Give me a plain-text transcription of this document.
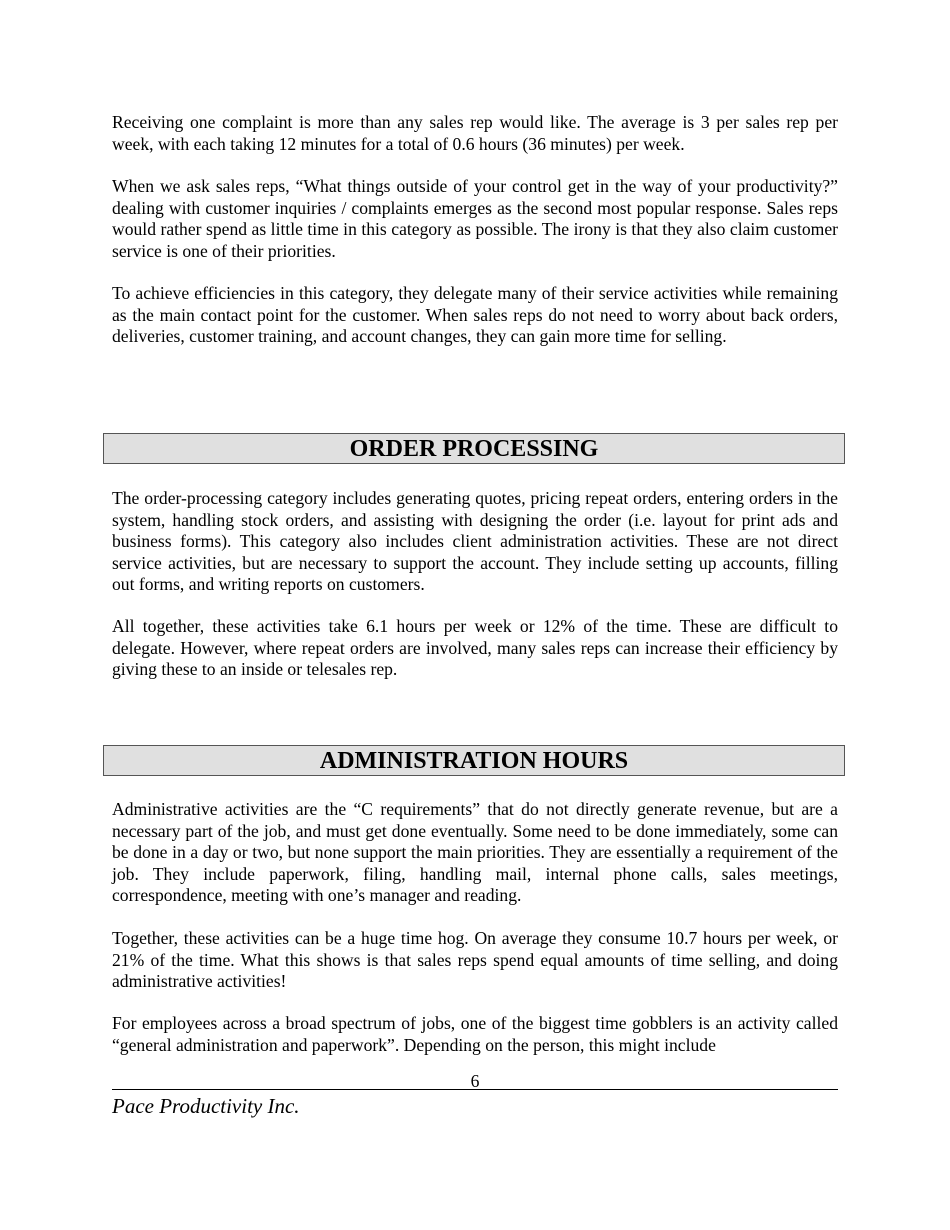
Receiving one complaint is more than any sales rep would like. The average is 3 per sales rep per week, with each taking 12 minutes for a total of 0.6 hours (36 minutes) per week.

When we ask sales reps, “What things outside of your control get in the way of your productivity?” dealing with customer inquiries / complaints emerges as the second most popular response. Sales reps would rather spend as little time in this category as possible. The irony is that they also claim customer service is one of their priorities.

To achieve efficiencies in this category, they delegate many of their service activities while remaining as the main contact point for the customer. When sales reps do not need to worry about back orders, deliveries, customer training, and account changes, they can gain more time for selling.

ORDER PROCESSING

The order-processing category includes generating quotes, pricing repeat orders, entering orders in the system, handling stock orders, and assisting with designing the order (i.e. layout for print ads and business forms). This category also includes client administration activities. These are not direct service activities, but are necessary to support the account. They include setting up accounts, filling out forms, and writing reports on customers.

All together, these activities take 6.1 hours per week or 12% of the time. These are difficult to delegate. However, where repeat orders are involved, many sales reps can increase their efficiency by giving these to an inside or telesales rep.

ADMINISTRATION HOURS

Administrative activities are the “C requirements” that do not directly generate revenue, but are a necessary part of the job, and must get done eventually. Some need to be done immediately, some can be done in a day or two, but none support the main priorities. They are essentially a requirement of the job. They include paperwork, filing, handling mail, internal phone calls, sales meetings, correspondence, meeting with one’s manager and reading.

Together, these activities can be a huge time hog. On average they consume 10.7 hours per week, or 21% of the time. What this shows is that sales reps spend equal amounts of time selling, and doing administrative activities!

For employees across a broad spectrum of jobs, one of the biggest time gobblers is an activity called “general administration and paperwork”. Depending on the person, this might include

6
Pace Productivity Inc.
